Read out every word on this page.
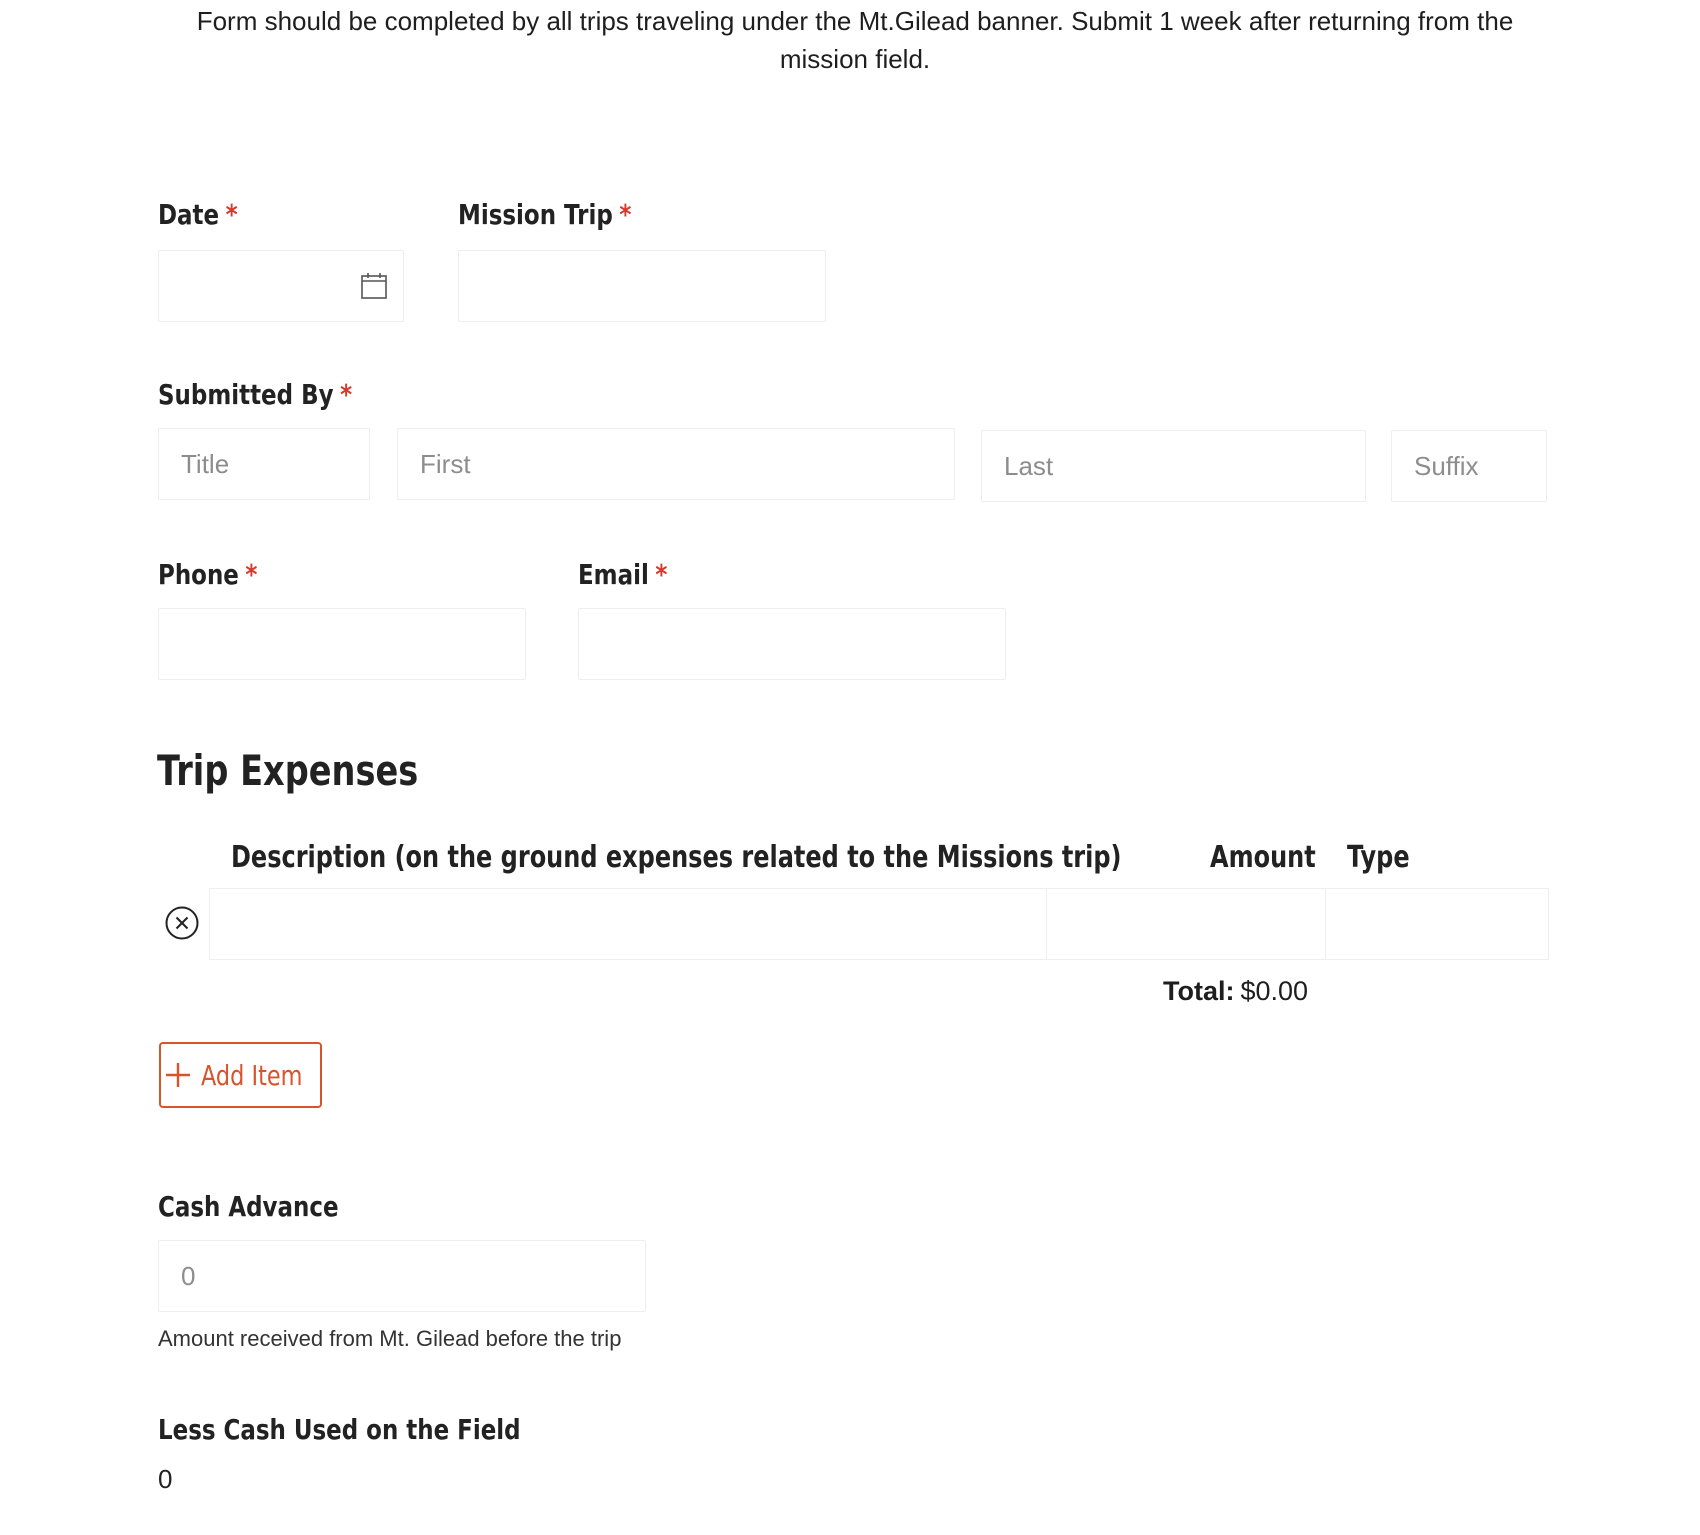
Form should be completed by all trips traveling under the Mt.Gilead banner. Submit 1 week after returning from the
mission field.
Date *	Mission Trip *
Submitted By *
Title
First
Last
Suffix
Phone *	Email *
Trip Expenses
Description (on the ground expenses related to the Missions trip)	Amount Type
Total: $0.00
Add Item
Cash Advance
0
Amount received from Mt. Gilead before the trip
Less Cash Used on the Field
0
